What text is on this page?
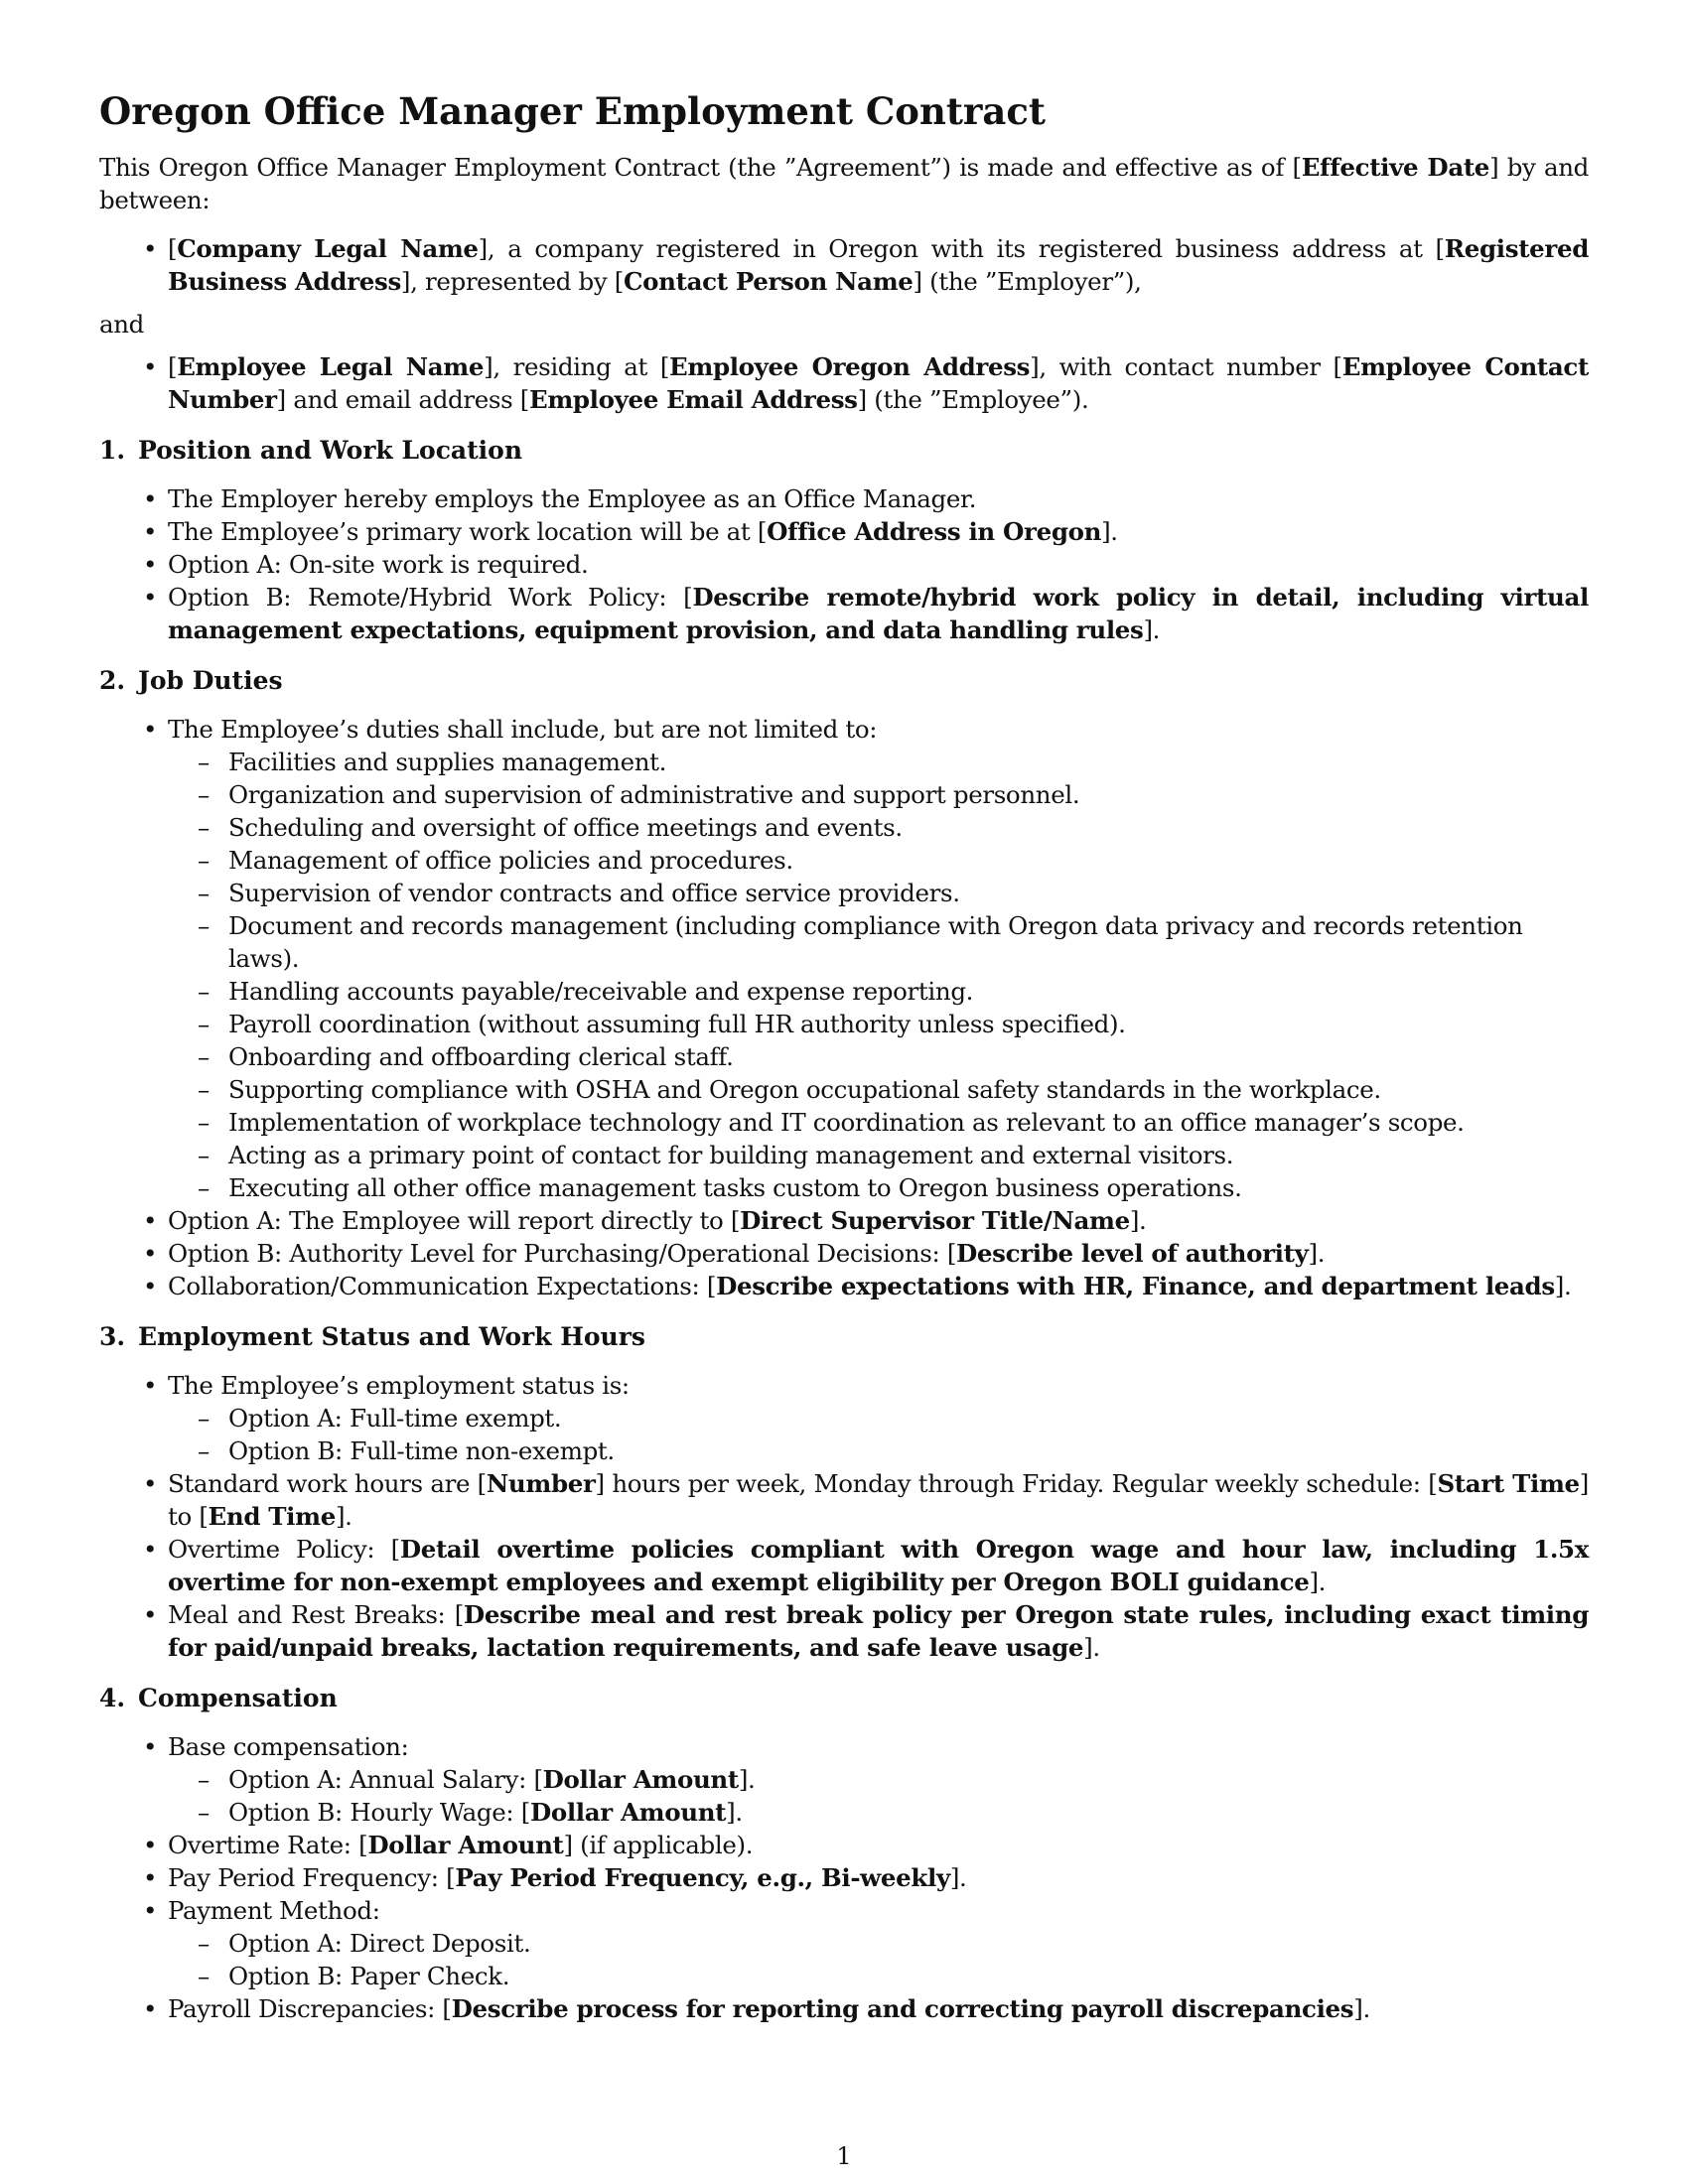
Oregon Office Manager Employment Contract

This Oregon Office Manager Employment Contract (the ”Agreement”) is made and effective as of [Effective Date] by and between:

• [Company Legal Name], a company registered in Oregon with its registered business address at [Registered Business Address], represented by [Contact Person Name] (the ”Employer”),

and

• [Employee Legal Name], residing at [Employee Oregon Address], with contact number [Employee Contact Number] and email address [Employee Email Address] (the ”Employee”).
1. Position and Work Location
• The Employer hereby employs the Employee as an Office Manager.
• The Employee’s primary work location will be at [Office Address in Oregon].
• Option A: On-site work is required.
• Option B: Remote/Hybrid Work Policy: [Describe remote/hybrid work policy in detail, including virtual management expectations, equipment provision, and data handling rules].
2. Job Duties
• The Employee’s duties shall include, but are not limited to:
– Facilities and supplies management.
– Organization and supervision of administrative and support personnel.
– Scheduling and oversight of office meetings and events.
– Management of office policies and procedures.
– Supervision of vendor contracts and office service providers.
– Document and records management (including compliance with Oregon data privacy and records retention laws).
– Handling accounts payable/receivable and expense reporting.
– Payroll coordination (without assuming full HR authority unless specified).
– Onboarding and offboarding clerical staff.
– Supporting compliance with OSHA and Oregon occupational safety standards in the workplace.
– Implementation of workplace technology and IT coordination as relevant to an office manager’s scope.
– Acting as a primary point of contact for building management and external visitors.
– Executing all other office management tasks custom to Oregon business operations.
• Option A: The Employee will report directly to [Direct Supervisor Title/Name].
• Option B: Authority Level for Purchasing/Operational Decisions: [Describe level of authority].
• Collaboration/Communication Expectations: [Describe expectations with HR, Finance, and department leads].
3. Employment Status and Work Hours
• The Employee’s employment status is:
– Option A: Full-time exempt.
– Option B: Full-time non-exempt.
• Standard work hours are [Number] hours per week, Monday through Friday. Regular weekly schedule: [Start Time] to [End Time].
• Overtime Policy: [Detail overtime policies compliant with Oregon wage and hour law, including 1.5x overtime for non-exempt employees and exempt eligibility per Oregon BOLI guidance].
• Meal and Rest Breaks: [Describe meal and rest break policy per Oregon state rules, including exact timing for paid/unpaid breaks, lactation requirements, and safe leave usage].
4. Compensation
• Base compensation:
– Option A: Annual Salary: [Dollar Amount].
– Option B: Hourly Wage: [Dollar Amount].
• Overtime Rate: [Dollar Amount] (if applicable).
• Pay Period Frequency: [Pay Period Frequency, e.g., Bi-weekly].
• Payment Method:
– Option A: Direct Deposit.
– Option B: Paper Check.
• Payroll Discrepancies: [Describe process for reporting and correcting payroll discrepancies].
1
